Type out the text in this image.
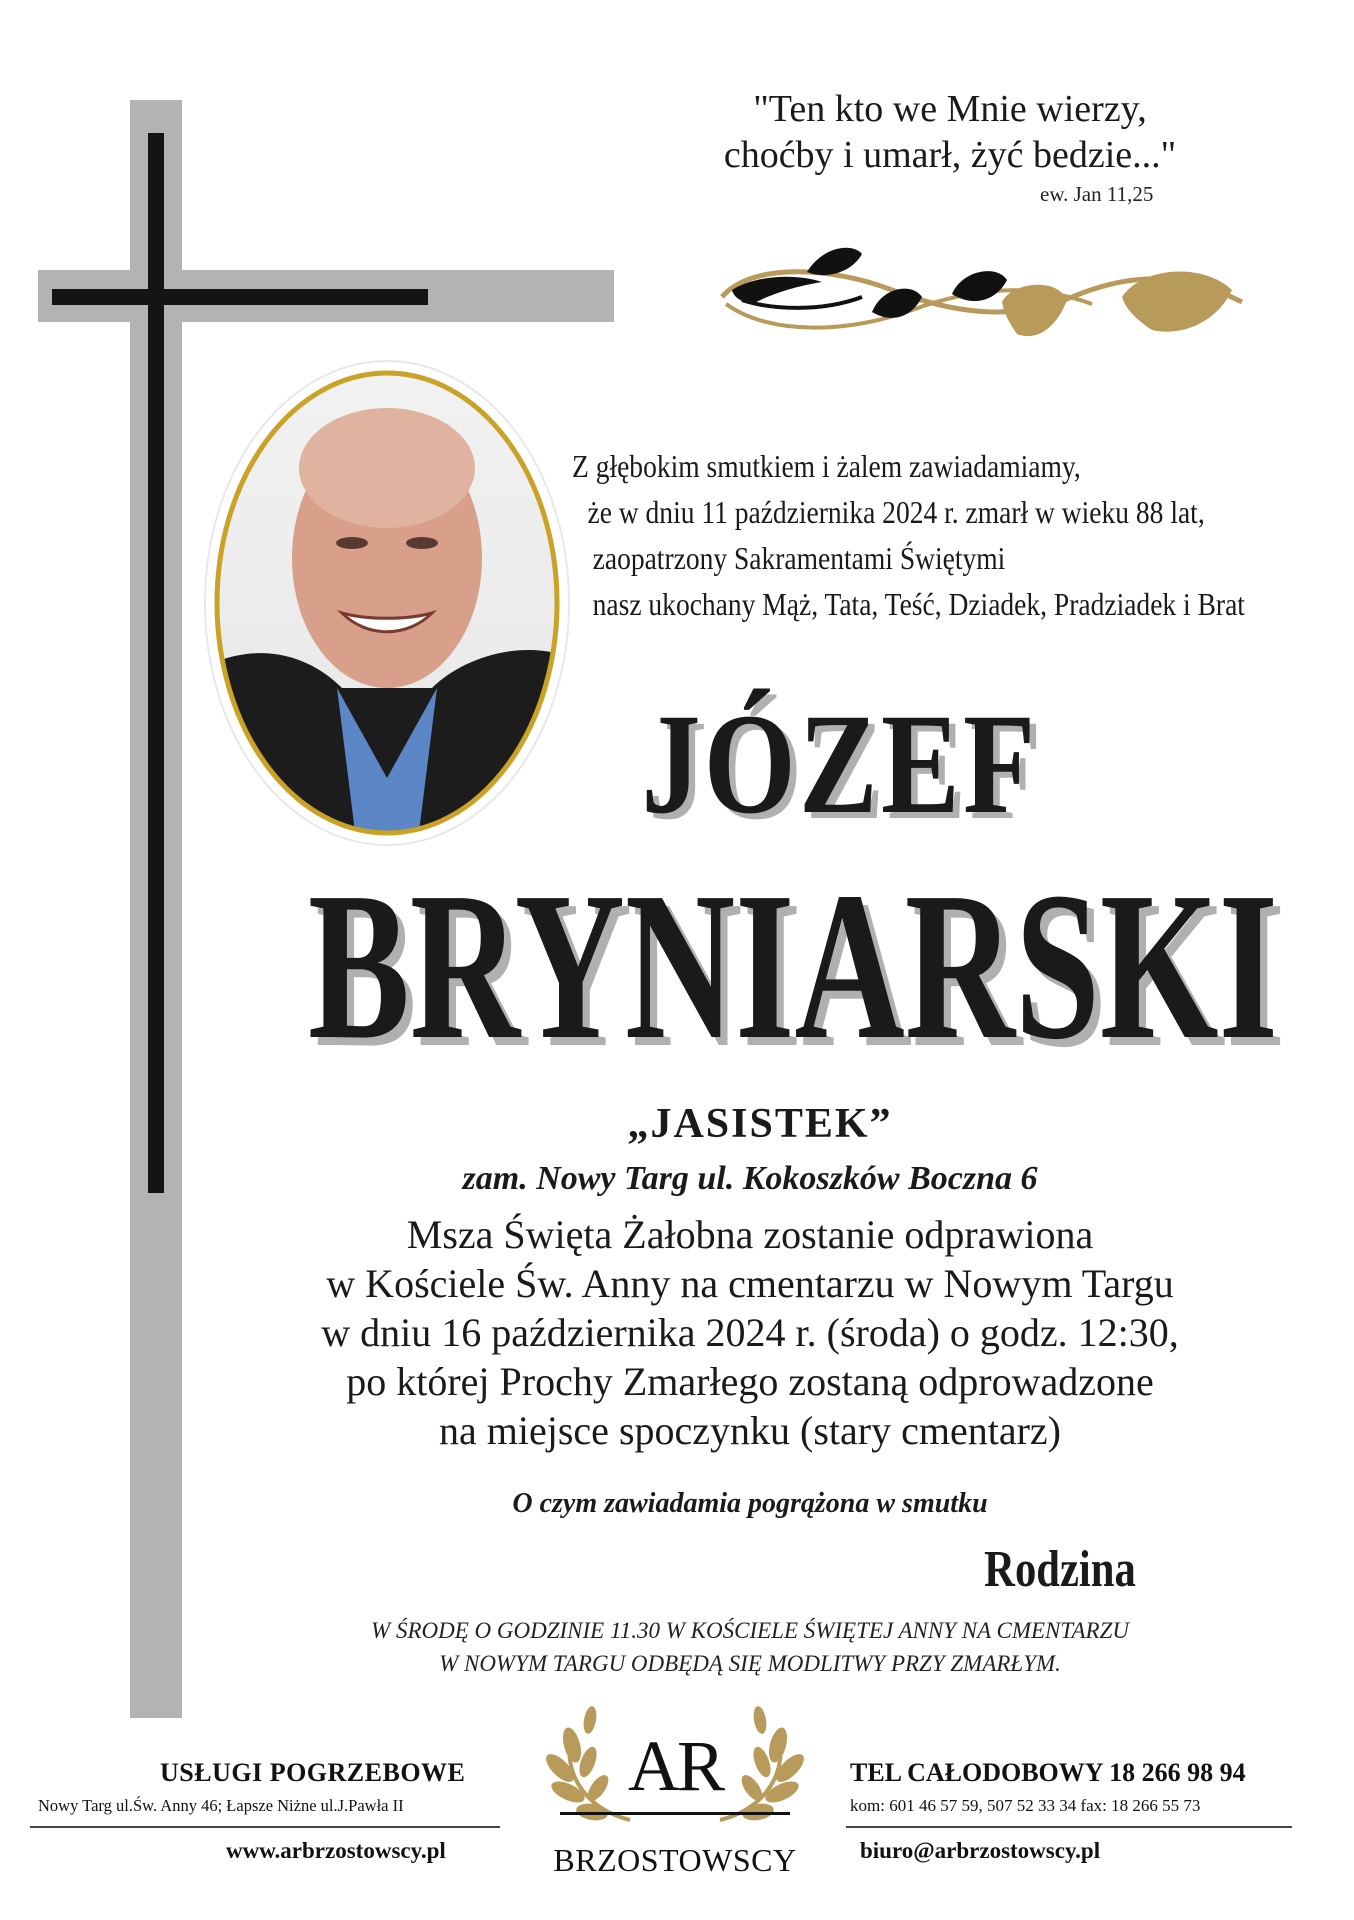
"Ten kto we Mnie wierzy,
choćby i umarł, żyć bedzie..."
ew. Jan 11,25
Z głębokim smutkiem i żalem zawiadamiamy,
że w dniu 11 października 2024 r. zmarł w wieku 88 lat,
zaopatrzony Sakramentami Świętymi
nasz ukochany Mąż, Tata, Teść, Dziadek, Pradziadek i Brat
JÓZEF
BRYNIARSKI
„JASISTEK”
zam. Nowy Targ ul. Kokoszków Boczna 6
Msza Święta Żałobna zostanie odprawiona
w Kościele Św. Anny na cmentarzu w Nowym Targu
w dniu 16 października 2024 r. (środa) o godz. 12:30,
po której Prochy Zmarłego zostaną odprowadzone
na miejsce spoczynku (stary cmentarz)
O czym zawiadamia pogrążona w smutku
Rodzina
W ŚRODĘ O GODZINIE 11.30 W KOŚCIELE ŚWIĘTEJ ANNY NA CMENTARZU
W NOWYM TARGU ODBĘDĄ SIĘ MODLITWY PRZY ZMARŁYM.
USŁUGI POGRZEBOWE
Nowy Targ ul.Św. Anny 46; Łapsze Niżne ul.J.Pawła II
www.arbrzostowscy.pl
AR
BRZOSTOWSCY
TEL CAŁODOBOWY 18 266 98 94
kom: 601 46 57 59, 507 52 33 34 fax: 18 266 55 73
biuro@arbrzostowscy.pl
